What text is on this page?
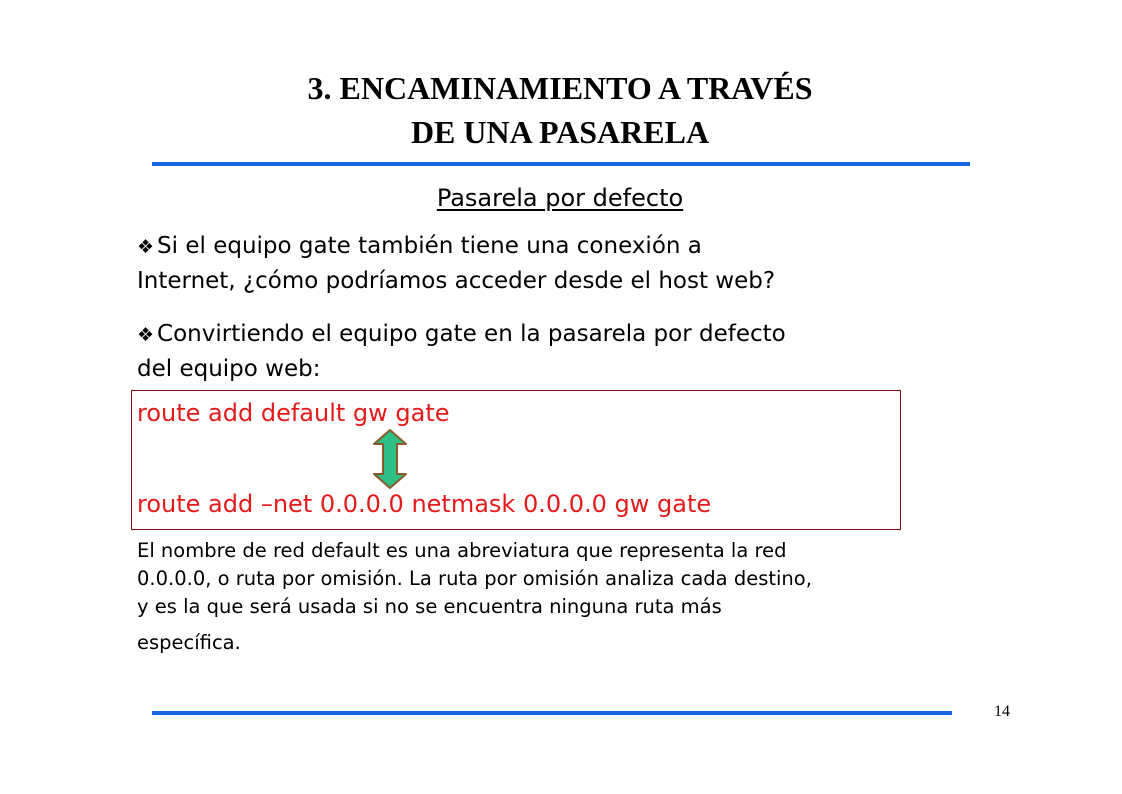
3. ENCAMINAMIENTO A TRAVÉS
DE UNA PASARELA
Pasarela por defecto
❖ Si el equipo gate también tiene una conexión a
Internet, ¿cómo podríamos acceder desde el host web?
❖ Convirtiendo el equipo gate en la pasarela por defecto
del equipo web:
route add default gw gate
route add –net 0.0.0.0 netmask 0.0.0.0 gw gate
El nombre de red default es una abreviatura que representa la red
0.0.0.0, o ruta por omisión. La ruta por omisión analiza cada destino,
y es la que será usada si no se encuentra ninguna ruta más
específica.
14
